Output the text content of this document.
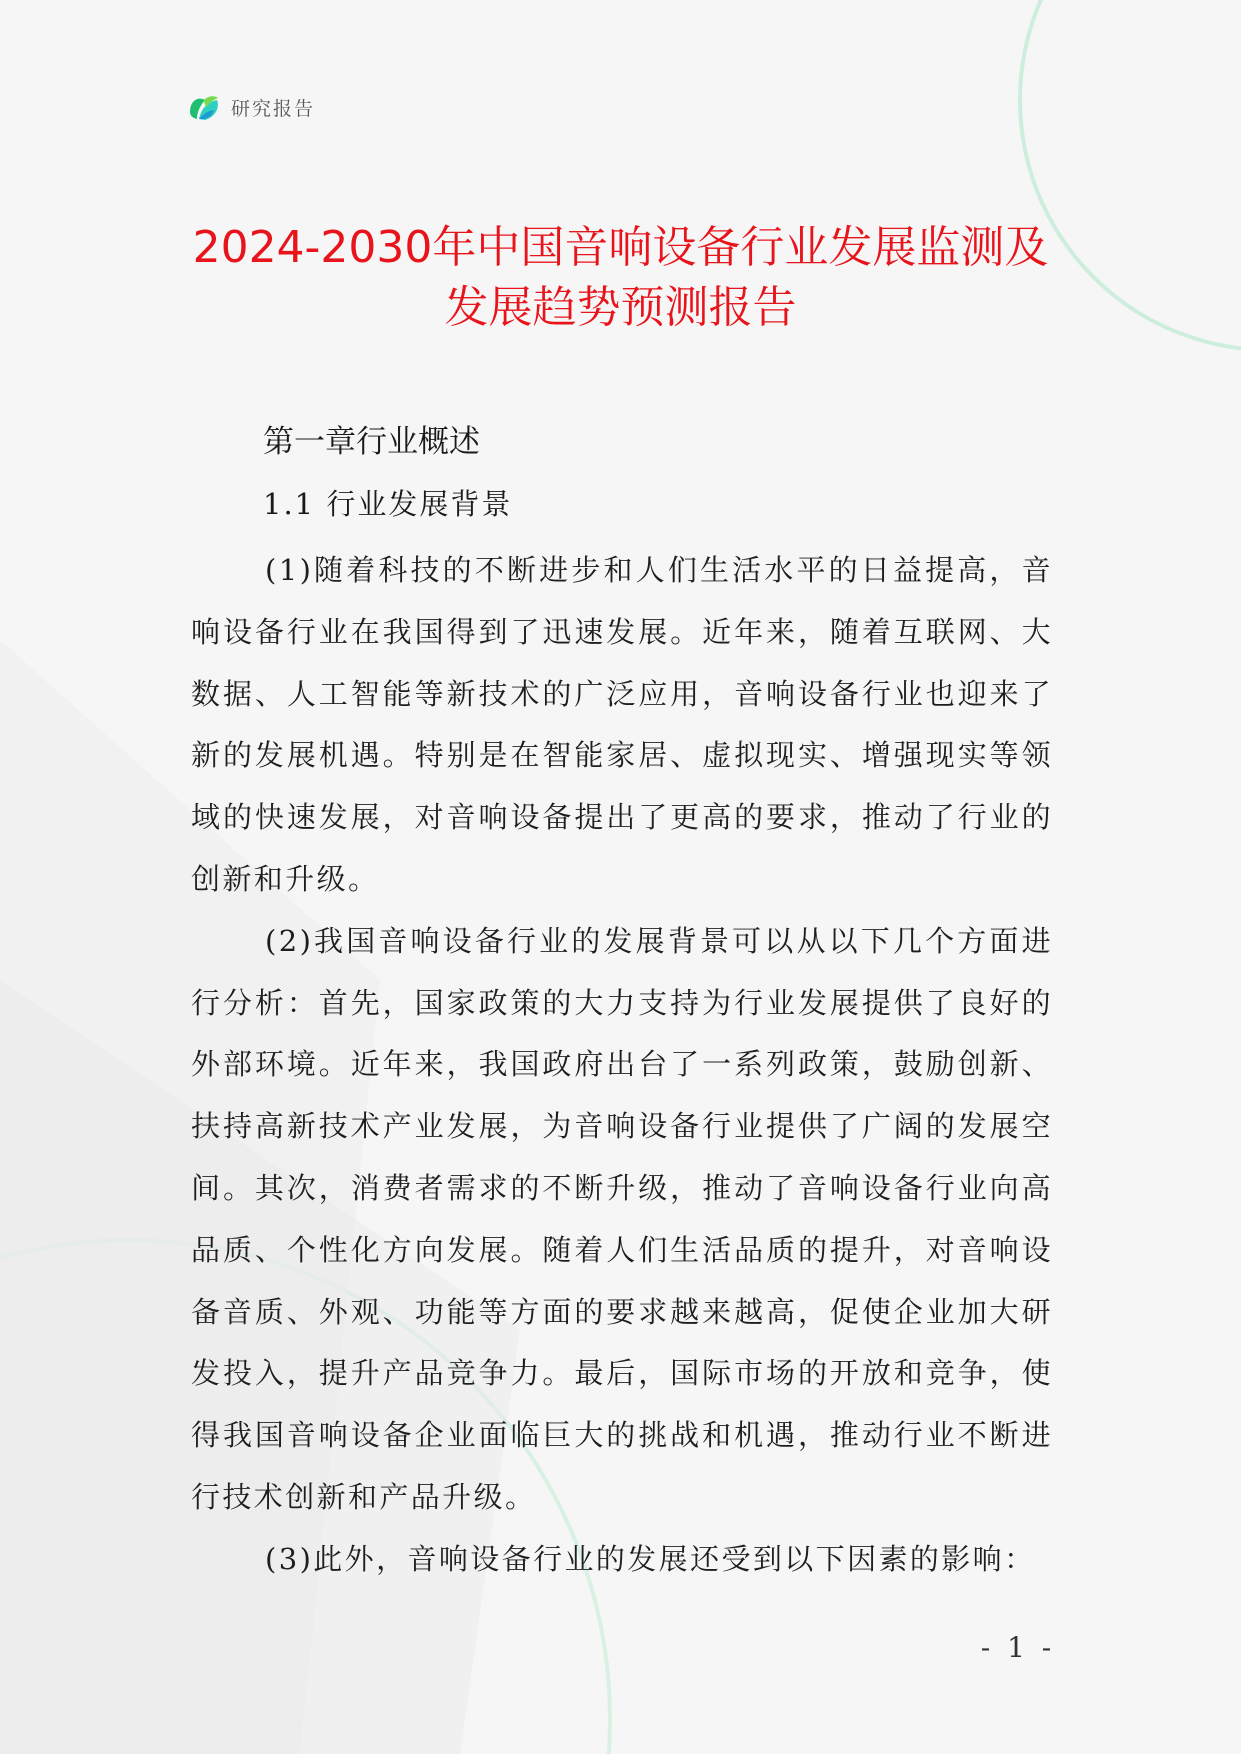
研究报告
2024-2030年中国音响设备行业发展监测及
发展趋势预测报告
第一章行业概述
1.1 行业发展背景

(1)随着科技的不断进步和人们生活水平的日益提高，音响设备行业在我国得到了迅速发展。近年来，随着互联网、大数据、人工智能等新技术的广泛应用，音响设备行业也迎来了新的发展机遇。特别是在智能家居、虚拟现实、增强现实等领域的快速发展，对音响设备提出了更高的要求，推动了行业的创新和升级。

(2)我国音响设备行业的发展背景可以从以下几个方面进行分析：首先，国家政策的大力支持为行业发展提供了良好的外部环境。近年来，我国政府出台了一系列政策，鼓励创新、扶持高新技术产业发展，为音响设备行业提供了广阔的发展空间。其次，消费者需求的不断升级，推动了音响设备行业向高品质、个性化方向发展。随着人们生活品质的提升，对音响设备音质、外观、功能等方面的要求越来越高，促使企业加大研发投入，提升产品竞争力。最后，国际市场的开放和竞争，使得我国音响设备企业面临巨大的挑战和机遇，推动行业不断进行技术创新和产品升级。

(3)此外，音响设备行业的发展还受到以下因素的影响：

- 1 -
